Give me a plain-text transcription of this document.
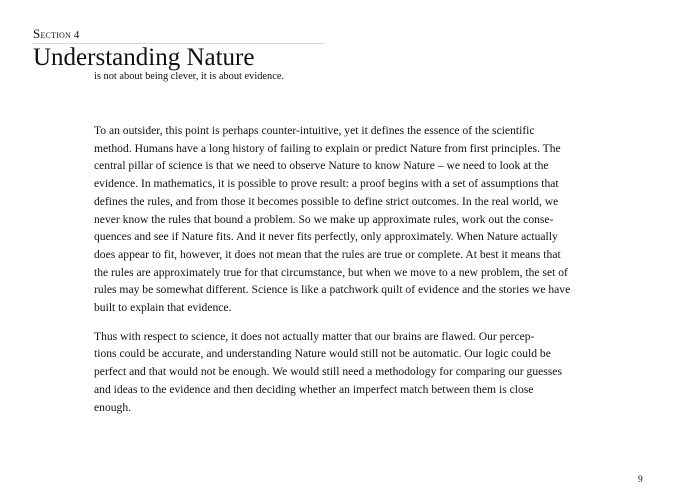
Section 4
Understanding Nature
is not about being clever, it is about evidence.

To an outsider, this point is perhaps counter-intuitive, yet it defines the essence of the scientific
method. Humans have a long history of failing to explain or predict Nature from first principles. The
central pillar of science is that we need to observe Nature to know Nature – we need to look at the
evidence. In mathematics, it is possible to prove result: a proof begins with a set of assumptions that
defines the rules, and from those it becomes possible to define strict outcomes. In the real world, we
never know the rules that bound a problem. So we make up approximate rules, work out the conse-
quences and see if Nature fits. And it never fits perfectly, only approximately. When Nature actually
does appear to fit, however, it does not mean that the rules are true or complete. At best it means that
the rules are approximately true for that circumstance, but when we move to a new problem, the set of
rules may be somewhat different. Science is like a patchwork quilt of evidence and the stories we have
built to explain that evidence.

Thus with respect to science, it does not actually matter that our brains are flawed. Our percep-
tions could be accurate, and understanding Nature would still not be automatic. Our logic could be
perfect and that would not be enough. We would still need a methodology for comparing our guesses
and ideas to the evidence and then deciding whether an imperfect match between them is close
enough.

9
